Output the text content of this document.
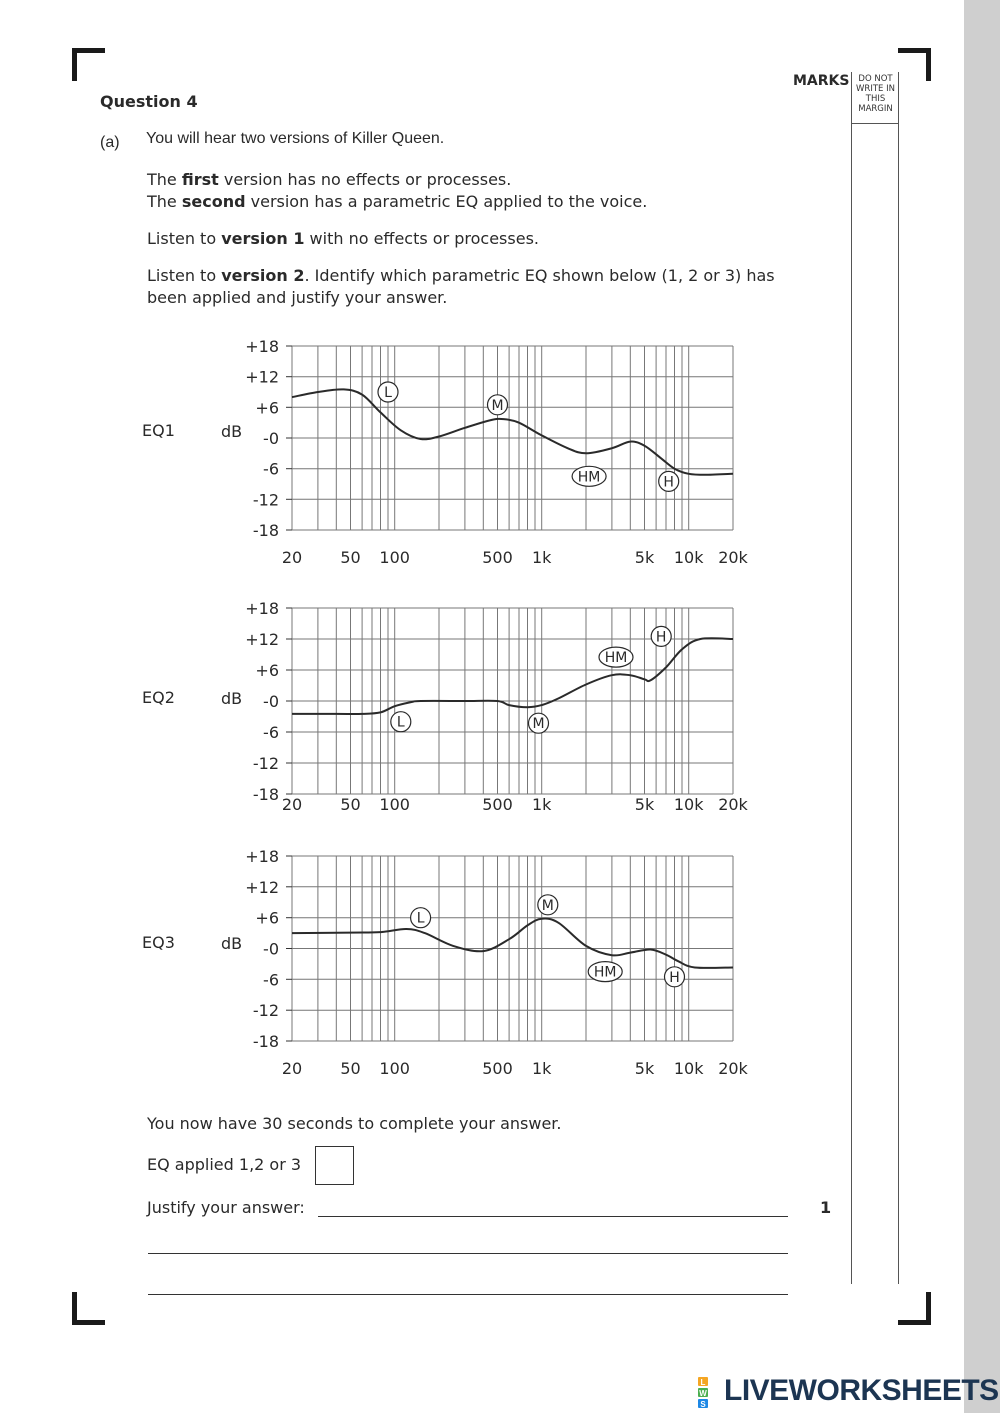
MARKS	DO NOT
WRITE IN
THIS
MARGIN
Question 4
(a) You will hear two versions of Killer Queen.
The first version has no effects or processes.
The second version has a parametric EQ applied to the voice.
Listen to version 1 with no effects or processes.
Listen to version 2. Identify which parametric EQ shown below (1, 2 or 3) has
been applied and justify your answer.
+18
+12
+6
-0
-6
-12
-18
20 50 100	500 1k	5k 10k 20k
EQ1	dB
L
M
HM	H
+18
+12
+6
-0
-6
-12
-18
20 50 100	500 1k	5k 10k 20k
EQ2	dB
L	M
HM
H
+18
+12
+6
-0
-6
-12
-18
20 50 100	500 1k	5k 10k 20k
EQ3	dB
L
M
HM	H
You now have 30 seconds to complete your answer.
EQ applied 1,2 or 3
Justify your answer:	1
L
W
S LIVEWORKSHEETS
